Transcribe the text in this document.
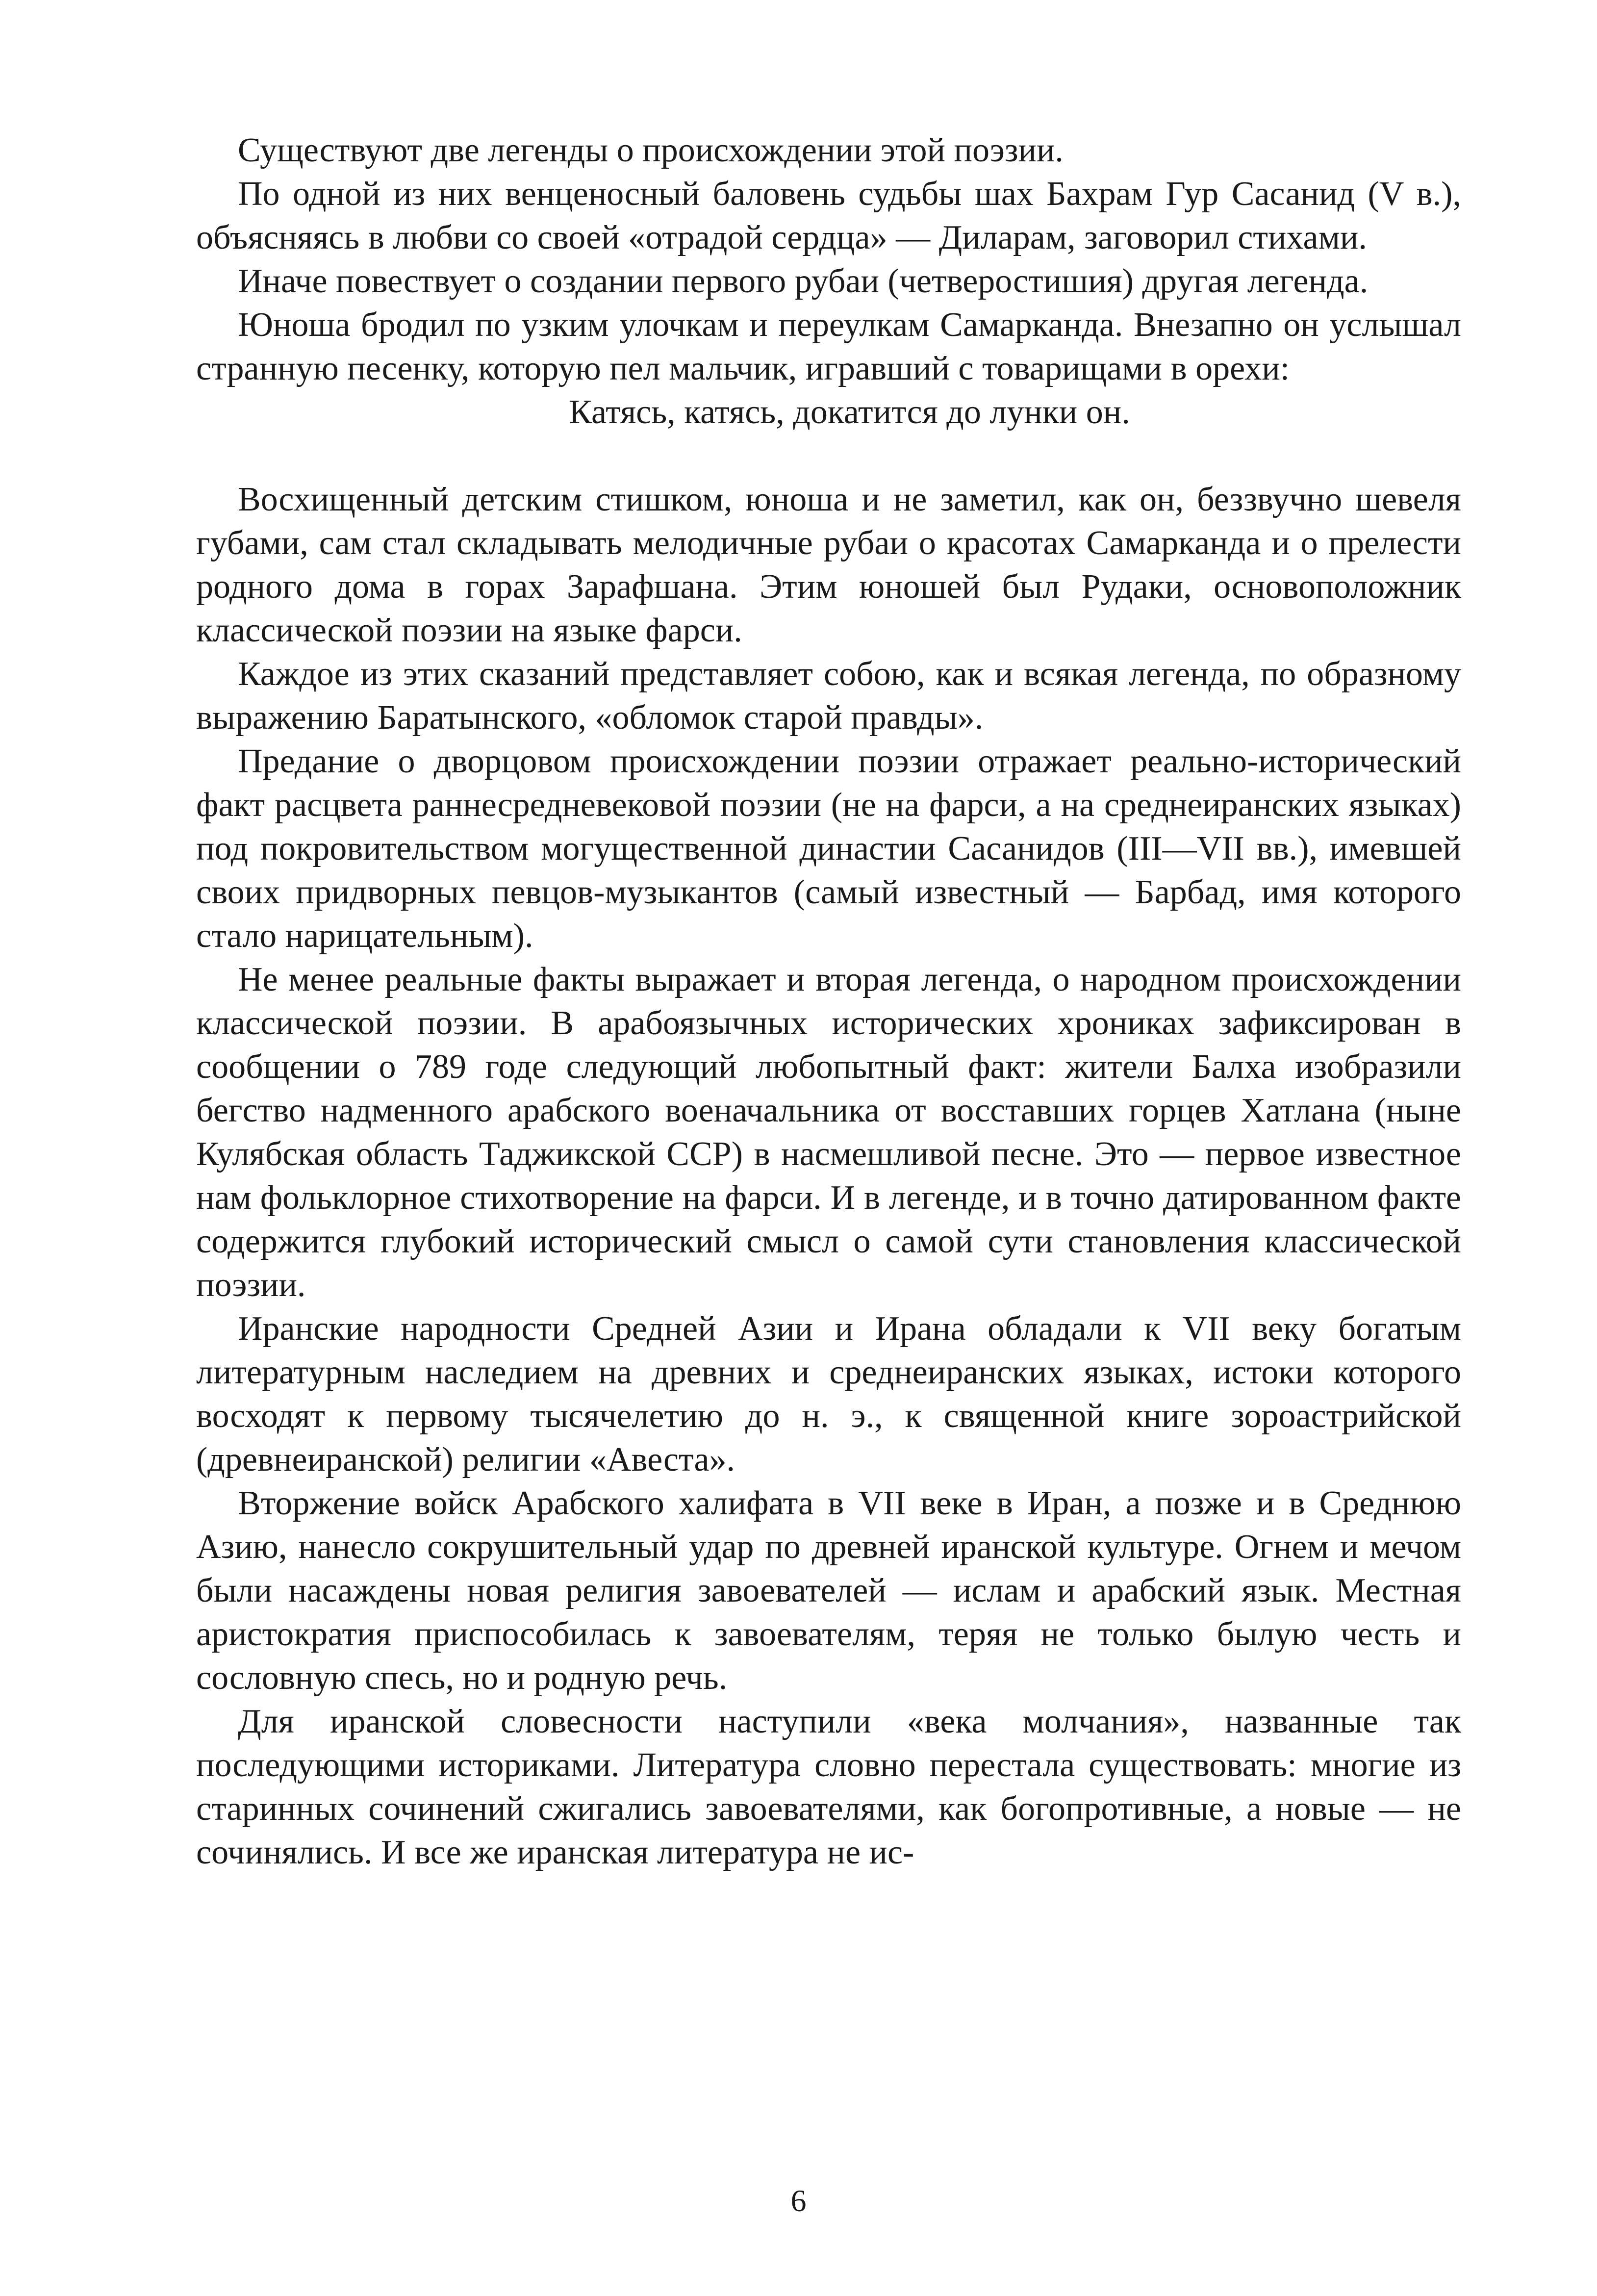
Существуют две легенды о происхождении этой поэзии.

По одной из них венценосный баловень судьбы шах Бахрам Гур Сасанид (V в.), объясняясь в любви со своей «отрадой сердца» — Диларам, заговорил стихами.

Иначе повествует о создании первого рубаи (четверостишия) другая легенда.

Юноша бродил по узким улочкам и переулкам Самарканда. Внезапно он услышал странную песенку, которую пел мальчик, игравший с товарищами в орехи:

Катясь, катясь, докатится до лунки он.

Восхищенный детским стишком, юноша и не заметил, как он, беззвучно шевеля губами, сам стал складывать мелодичные рубаи о красотах Самарканда и о прелести родного дома в горах Зарафшана. Этим юношей был Рудаки, основоположник классической поэзии на языке фарси.

Каждое из этих сказаний представляет собою, как и всякая легенда, по образному выражению Баратынского, «обломок старой правды».

Предание о дворцовом происхождении поэзии отражает реально-исторический факт расцвета раннесредневековой поэзии (не на фарси, а на среднеиранских языках) под покровительством могущественной династии Сасанидов (III—VII вв.), имевшей своих придворных певцов-музыкантов (самый известный — Барбад, имя которого стало нарицательным).

Не менее реальные факты выражает и вторая легенда, о народном происхождении классической поэзии. В арабоязычных исторических хрониках зафиксирован в сообщении о 789 годе следующий любопытный факт: жители Балха изобразили бегство надменного арабского военачальника от восставших горцев Хатлана (ныне Кулябская область Таджикской ССР) в насмешливой песне. Это — первое известное нам фольклорное стихотворение на фарси. И в легенде, и в точно датированном факте содержится глубокий исторический смысл о самой сути становления классической поэзии.

Иранские народности Средней Азии и Ирана обладали к VII веку богатым литературным наследием на древних и среднеиранских языках, истоки которого восходят к первому тысячелетию до н. э., к священной книге зороастрийской (древнеиранской) религии «Авеста».

Вторжение войск Арабского халифата в VII веке в Иран, а позже и в Среднюю Азию, нанесло сокрушительный удар по древней иранской культуре. Огнем и мечом были насаждены новая религия завоевателей — ислам и арабский язык. Местная аристократия приспособилась к завоевателям, теряя не только былую честь и сословную спесь, но и родную речь.

Для иранской словесности наступили «века молчания», названные так последующими историками. Литература словно перестала существовать: многие из старинных сочинений сжигались завоевателями, как богопротивные, а новые — не сочинялись. И все же иранская литература не ис-

6
